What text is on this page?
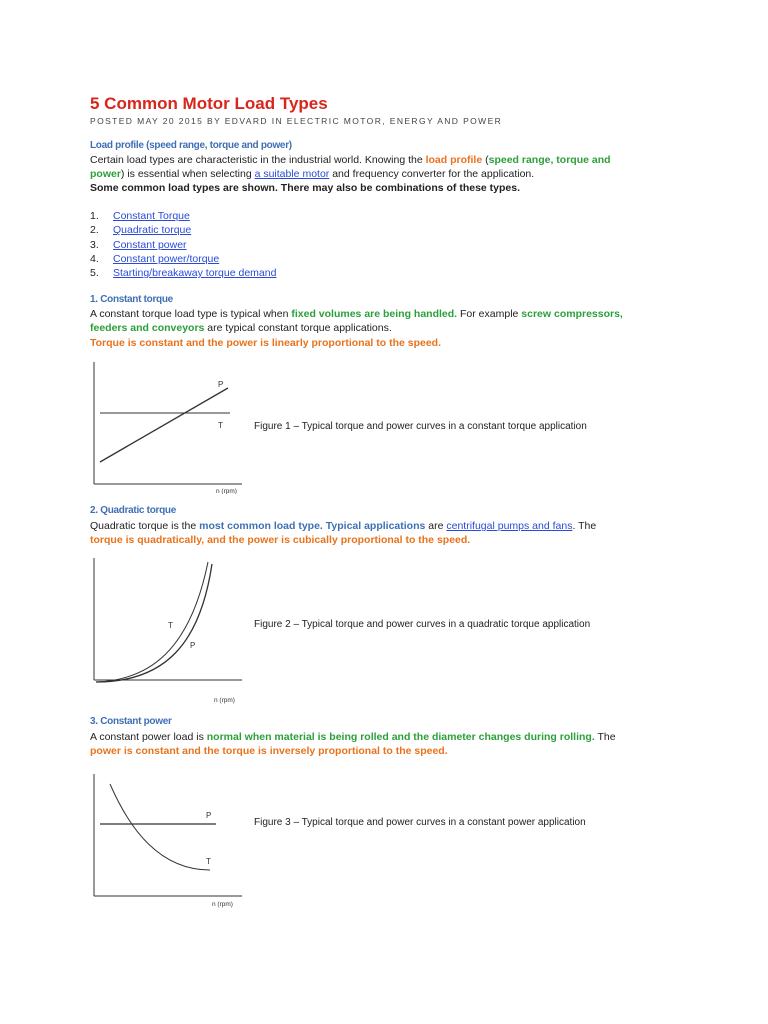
5 Common Motor Load Types
POSTED MAY 20 2015 BY EDVARD IN ELECTRIC MOTOR, ENERGY AND POWER
Load profile (speed range, torque and power)
Certain load types are characteristic in the industrial world. Knowing the load profile (speed range, torque and
power) is essential when selecting a suitable motor and frequency converter for the application.
Some common load types are shown. There may also be combinations of these types.
1. Constant Torque
2. Quadratic torque
3. Constant power
4. Constant power/torque
5. Starting/breakaway torque demand
1. Constant torque
A constant torque load type is typical when fixed volumes are being handled. For example screw compressors,
feeders and conveyors are typical constant torque applications.
Torque is constant and the power is linearly proportional to the speed.
P
T
n (rpm)
Figure 1 – Typical torque and power curves in a constant torque application
2. Quadratic torque
Quadratic torque is the most common load type. Typical applications are centrifugal pumps and fans. The
torque is quadratically, and the power is cubically proportional to the speed.
T
P
Figure 2 – Typical torque and power curves in a quadratic torque application
n (rpm)
3. Constant power
A constant power load is normal when material is being rolled and the diameter changes during rolling. The
power is constant and the torque is inversely proportional to the speed.
P
T
Figure 3 – Typical torque and power curves in a constant power application
n (rpm)
